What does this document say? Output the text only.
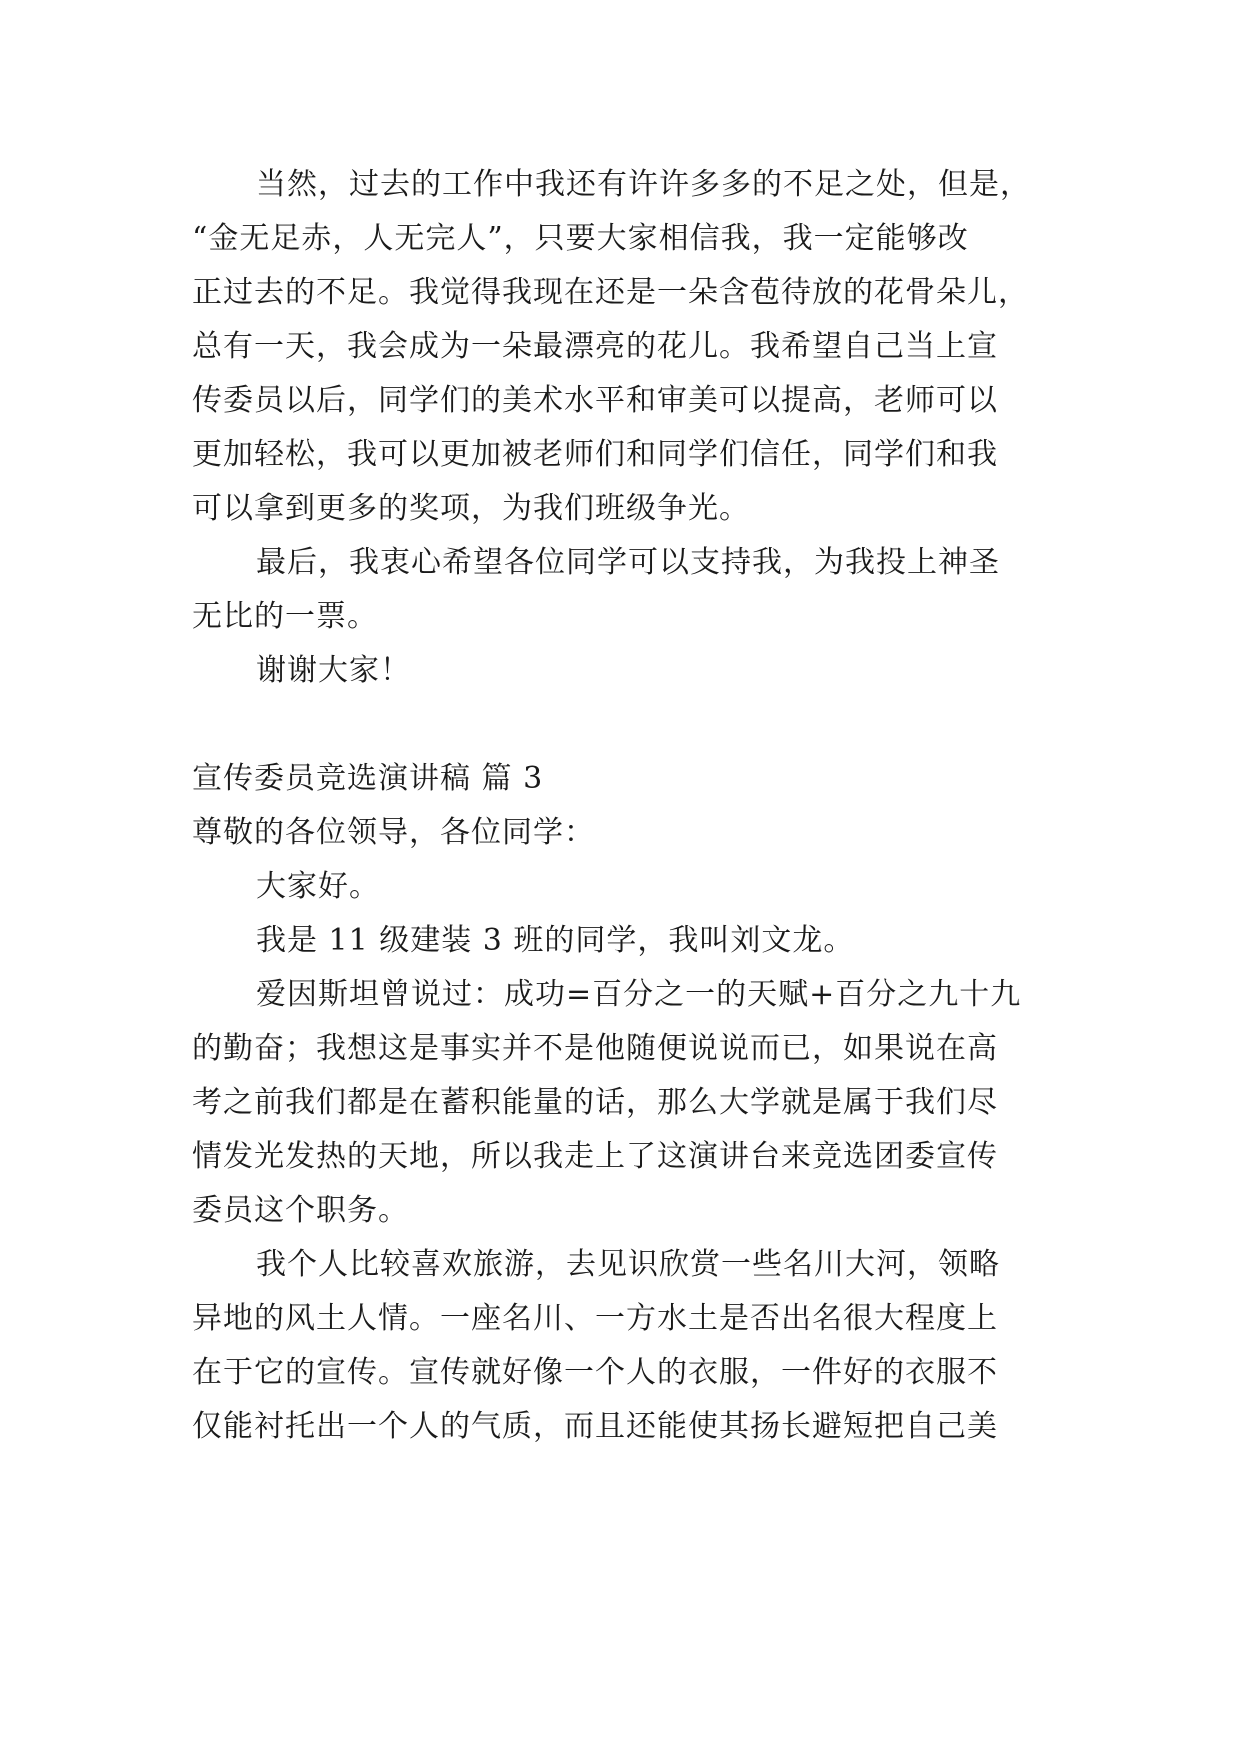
当然，过去的工作中我还有许许多多的不足之处，但是，
“金无足赤，人无完人”，只要大家相信我，我一定能够改
正过去的不足。我觉得我现在还是一朵含苞待放的花骨朵儿，
总有一天，我会成为一朵最漂亮的花儿。我希望自己当上宣
传委员以后，同学们的美术水平和审美可以提高，老师可以
更加轻松，我可以更加被老师们和同学们信任，同学们和我
可以拿到更多的奖项，为我们班级争光。
最后，我衷心希望各位同学可以支持我，为我投上神圣
无比的一票。
谢谢大家！
宣传委员竞选演讲稿 篇 3
尊敬的各位领导，各位同学：
大家好。
我是 11 级建装 3 班的同学，我叫刘文龙。
爱因斯坦曾说过：成功=百分之一的天赋+百分之九十九
的勤奋；我想这是事实并不是他随便说说而已，如果说在高
考之前我们都是在蓄积能量的话，那么大学就是属于我们尽
情发光发热的天地，所以我走上了这演讲台来竞选团委宣传
委员这个职务。
我个人比较喜欢旅游，去见识欣赏一些名川大河，领略
异地的风土人情。一座名川、一方水土是否出名很大程度上
在于它的宣传。宣传就好像一个人的衣服，一件好的衣服不
仅能衬托出一个人的气质，而且还能使其扬长避短把自己美
